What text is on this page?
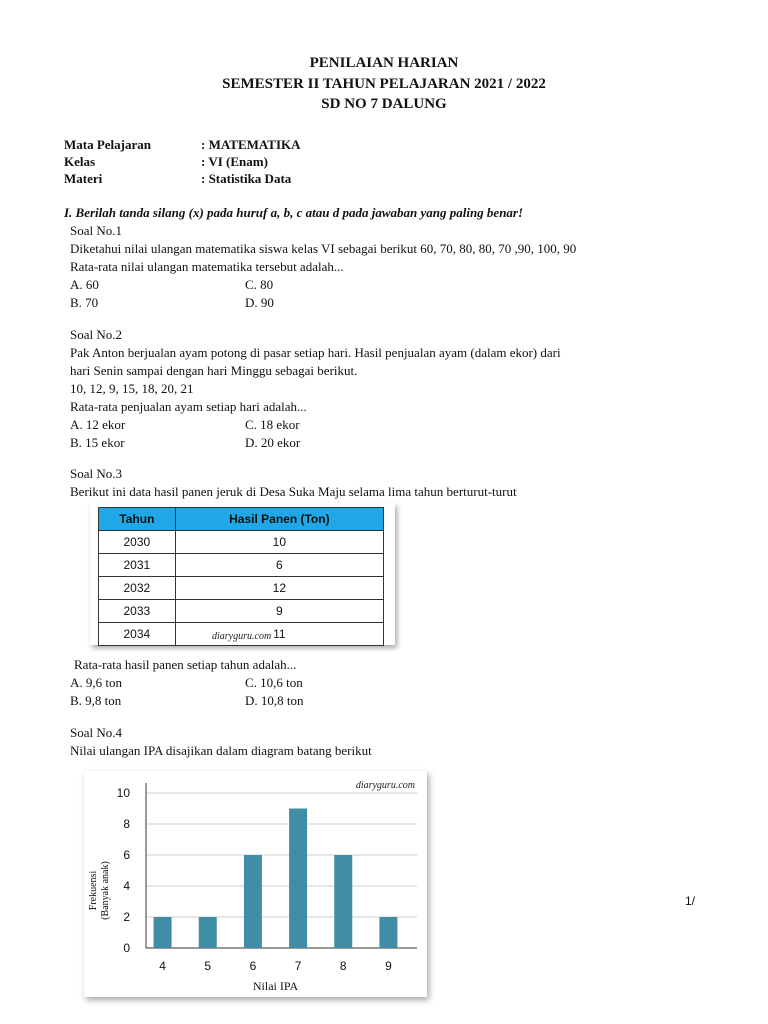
PENILAIAN HARIAN
SEMESTER II TAHUN PELAJARAN 2021 / 2022
SD NO 7 DALUNG
Mata Pelajaran	: MATEMATIKA
Kelas	: VI (Enam)
Materi	: Statistika Data
I. Berilah tanda silang (x) pada huruf a, b, c atau d pada jawaban yang paling benar!
Soal No.1
Diketahui nilai ulangan matematika siswa kelas VI sebagai berikut 60, 70, 80, 80, 70 ,90, 100, 90
Rata-rata nilai ulangan matematika tersebut adalah...
A. 60	C. 80
B. 70	D. 90
Soal No.2
Pak Anton berjualan ayam potong di pasar setiap hari. Hasil penjualan ayam (dalam ekor) dari
hari Senin sampai dengan hari Minggu sebagai berikut.
10, 12, 9, 15, 18, 20, 21
Rata-rata penjualan ayam setiap hari adalah...
A. 12 ekor	C. 18 ekor
B. 15 ekor	D. 20 ekor
Soal No.3
Berikut ini data hasil panen jeruk di Desa Suka Maju selama lima tahun berturut-turut
Tahun	Hasil Panen (Ton)
2030	10
2031	6
2032	12
2033	9
2034	11
diaryguru.com
Rata-rata hasil panen setiap tahun adalah...
A. 9,6 ton	C. 10,6 ton
B. 9,8 ton	D. 10,8 ton
Soal No.4
Nilai ulangan IPA disajikan dalam diagram batang berikut
0
2
4
6
8
10
4	5	6	7	8	9
Nilai IPA
Frekuensi (Banyak anak)
diaryguru.com
1/
